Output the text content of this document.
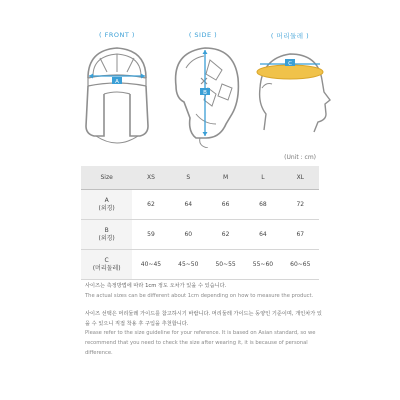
( FRONT )	( SIDE )	( 머리둘레 )
A
B
C
(Unit : cm)
Size	XS	S	M	L	XL

A
(외경)	62	64	66	68	72

B
(외경)	59	60	62	64	67

C
(머리둘레)	40~45	45~50	50~55	55~60	60~65

사이즈는 측정방법에 따라 1cm 정도 오차가 있을 수 있습니다.

The actual sizes can be different about 1cm depending on how to measure the product.

사이즈 선택은 머리둘레 가이드를 참고하시기 바랍니다. 머리둘레 가이드는 동양인 기준이며, 개인차가 있을 수 있으니 직접 착용 후 구입을 추천합니다.

Please refer to the size guideline for your reference. It is based on Asian standard, so we recommend that you need to check the size after wearing it, it is because of personal difference.
